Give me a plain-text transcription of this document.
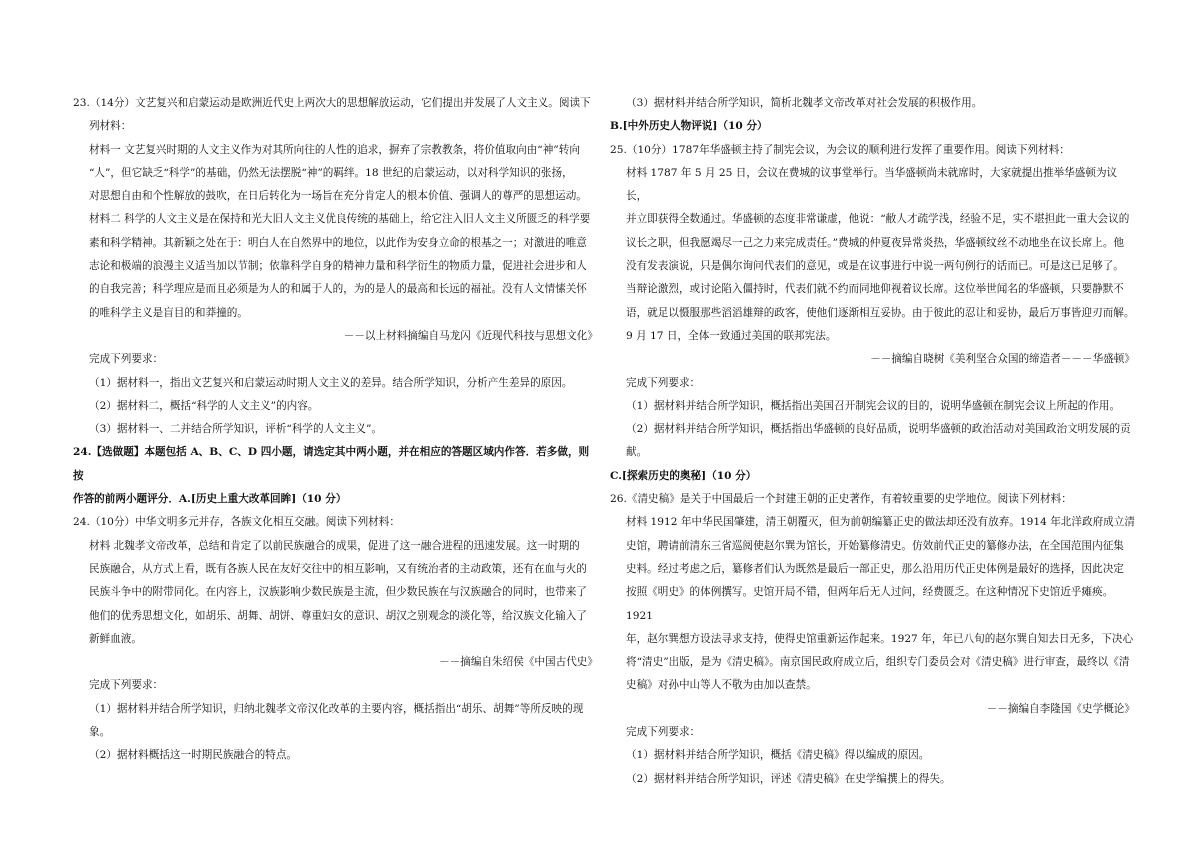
23.（14分）文艺复兴和启蒙运动是欧洲近代史上两次大的思想解放运动，它们提出并发展了人文主义。阅读下

列材料：

材料一 文艺复兴时期的人文主义作为对其所向往的人性的追求，摒弃了宗教教条，将价值取向由“神”转向

“人”，但它缺乏“科学”的基础，仍然无法摆脱“神”的羁绊。18 世纪的启蒙运动，以对科学知识的张扬，

对思想自由和个性解放的鼓吹，在日后转化为一场旨在充分肯定人的根本价值、强调人的尊严的思想运动。

材料二 科学的人文主义是在保持和光大旧人文主义优良传统的基础上，给它注入旧人文主义所匮乏的科学要

素和科学精神。其新颖之处在于：明白人在自然界中的地位，以此作为安身立命的根基之一；对激进的唯意

志论和极端的浪漫主义适当加以节制；依靠科学自身的精神力量和科学衍生的物质力量，促进社会进步和人

的自我完善；科学理应是而且必须是为人的和属于人的，为的是人的最高和长远的福祉。没有人文情愫关怀

的唯科学主义是盲目的和莽撞的。

－－以上材料摘编自马龙闪《近现代科技与思想文化》

完成下列要求：

（1）据材料一，指出文艺复兴和启蒙运动时期人文主义的差异。结合所学知识，分析产生差异的原因。

（2）据材料二，概括“科学的人文主义”的内容。

（3）据材料一、二并结合所学知识，评析“科学的人文主义”。

24.【选做题】本题包括 A、B、C、D 四小题，请选定其中两小题，并在相应的答题区域内作答．若多做，则按

作答的前两小题评分．A.[历史上重大改革回眸]（10 分）

24.（10分）中华文明多元并存，各族文化相互交融。阅读下列材料：

材料 北魏孝文帝改革，总结和肯定了以前民族融合的成果，促进了这一融合进程的迅速发展。这一时期的

民族融合，从方式上看，既有各族人民在友好交往中的相互影响，又有统治者的主动政策，还有在血与火的

民族斗争中的附带同化。在内容上，汉族影响少数民族是主流，但少数民族在与汉族融合的同时，也带来了

他们的优秀思想文化，如胡乐、胡舞、胡饼、尊重妇女的意识、胡汉之别观念的淡化等，给汉族文化输入了

新鲜血液。

－－摘编自朱绍侯《中国古代史》

完成下列要求：

（1）据材料并结合所学知识，归纳北魏孝文帝汉化改革的主要内容，概括指出“胡乐、胡舞”等所反映的现

象。

（2）据材料概括这一时期民族融合的特点。

（3）据材料并结合所学知识，简析北魏孝文帝改革对社会发展的积极作用。

B.[中外历史人物评说]（10 分）

25.（10分）1787年华盛顿主持了制宪会议，为会议的顺利进行发挥了重要作用。阅读下列材料：

材料 1787 年 5 月 25 日，会议在费城的议事堂举行。当华盛顿尚未就席时，大家就提出推举华盛顿为议长，

并立即获得全数通过。华盛顿的态度非常谦虚，他说：“敝人才疏学浅，经验不足，实不堪担此一重大会议的

议长之职，但我愿竭尽一己之力来完成责任。”费城的仲夏夜异常炎热，华盛顿纹丝不动地坐在议长席上。他

没有发表演说，只是偶尔询问代表们的意见，或是在议事进行中说一两句例行的话而已。可是这已足够了。

当辩论激烈，或讨论陷入僵持时，代表们就不约而同地仰视着议长席。这位举世闻名的华盛顿，只要静默不

语，就足以慑服那些滔滔雄辩的政客，使他们逐渐相互妥协。由于彼此的忍让和妥协，最后万事皆迎刃而解。

9 月 17 日，全体一致通过美国的联邦宪法。

－－摘编自晓树《美利坚合众国的缔造者－－－华盛顿》

完成下列要求：

（1）据材料并结合所学知识，概括指出美国召开制宪会议的目的，说明华盛顿在制宪会议上所起的作用。

（2）据材料并结合所学知识，概括指出华盛顿的良好品质，说明华盛顿的政治活动对美国政治文明发展的贡

献。

C.[探索历史的奥秘]（10 分）

26.《清史稿》是关于中国最后一个封建王朝的正史著作，有着较重要的史学地位。阅读下列材料：

材料 1912 年中华民国肇建，清王朝覆灭，但为前朝编纂正史的做法却还没有放弃。1914 年北洋政府成立清

史馆，聘请前清东三省巡阅使赵尔巽为馆长，开始纂修清史。仿效前代正史的纂修办法，在全国范围内征集

史料。经过考虑之后，纂修者们认为既然是最后一部正史，那么沿用历代正史体例是最好的选择，因此决定

按照《明史》的体例撰写。史馆开局不错，但两年后无人过问，经费匮乏。在这种情况下史馆近乎瘫痪。1921

年，赵尔巽想方设法寻求支持，使得史馆重新运作起来。1927 年，年已八旬的赵尔巽自知去日无多，下决心

将“清史”出版，是为《清史稿》。南京国民政府成立后，组织专门委员会对《清史稿》进行审查，最终以《清

史稿》对孙中山等人不敬为由加以查禁。

－－摘编自李隆国《史学概论》

完成下列要求：

（1）据材料并结合所学知识，概括《清史稿》得以编成的原因。

（2）据材料并结合所学知识，评述《清史稿》在史学编撰上的得失。
